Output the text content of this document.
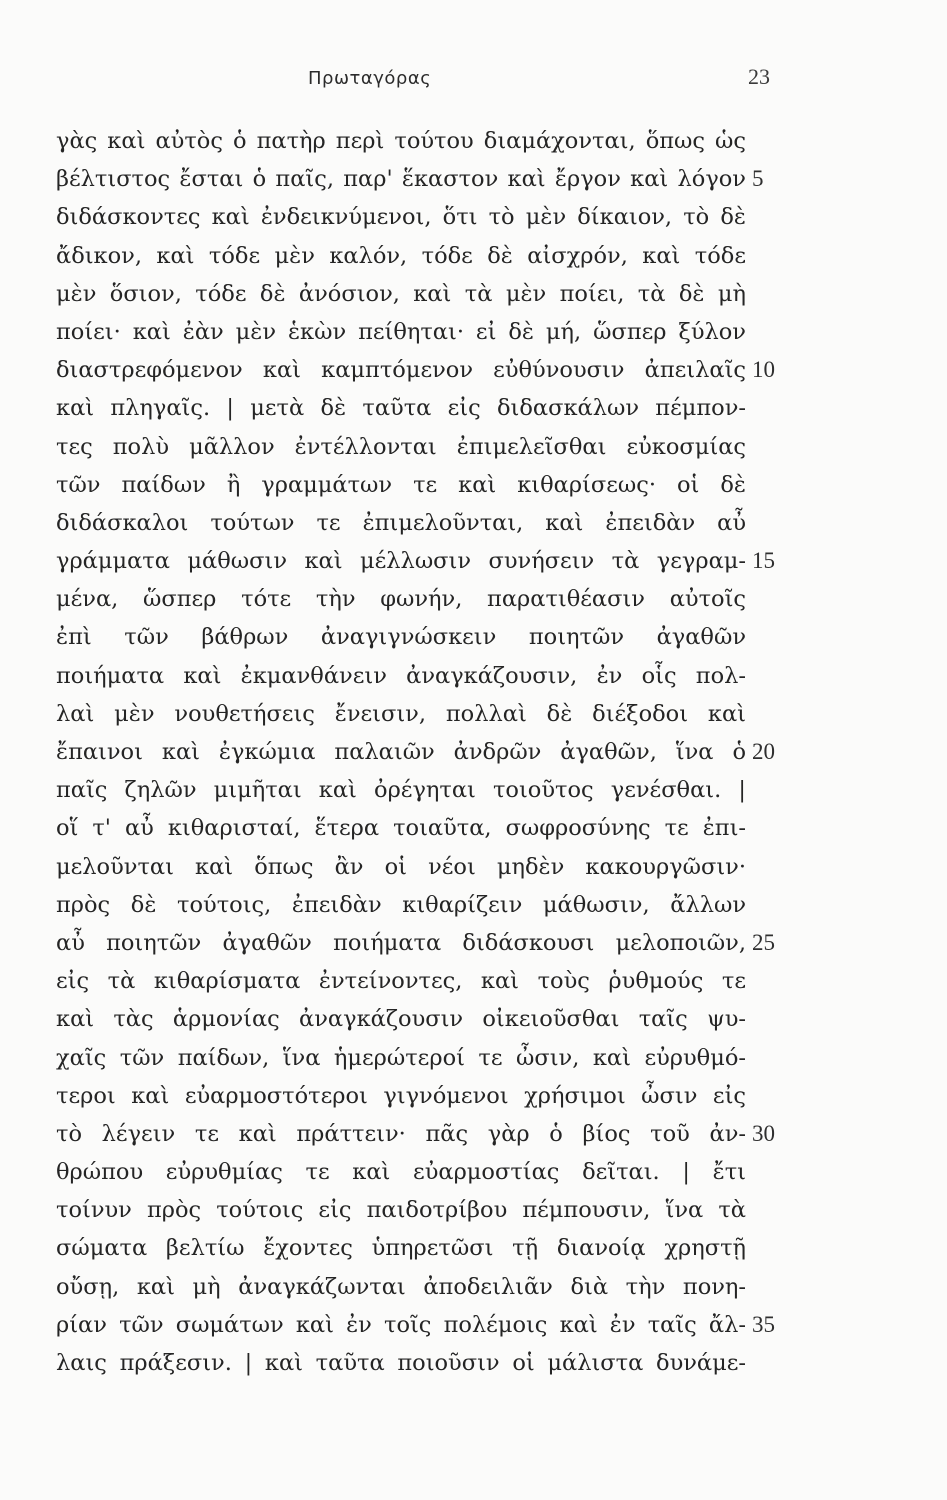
Πρωταγόρας	23
γὰς καὶ αὐτὸς ὁ πατὴρ περὶ τούτου διαμάχονται, ὅπως ὡς
βέλτιστος ἔσται ὁ παῖς, παρ' ἕκαστον καὶ ἔργον καὶ λόγον 5
διδάσκοντες καὶ ἐνδεικνύμενοι, ὅτι τὸ μὲν δίκαιον, τὸ δὲ
ἄδικον, καὶ τόδε μὲν καλόν, τόδε δὲ αἰσχρόν, καὶ τόδε
μὲν ὅσιον, τόδε δὲ ἀνόσιον, καὶ τὰ μὲν ποίει, τὰ δὲ μὴ
ποίει· καὶ ἐὰν μὲν ἑκὼν πείθηται· εἰ δὲ μή, ὥσπερ ξύλον
διαστρεφόμενον καὶ καμπτόμενον εὐθύνουσιν ἀπειλαῖς 10
καὶ πληγαῖς. | μετὰ δὲ ταῦτα εἰς διδασκάλων πέμπον-
τες πολὺ μᾶλλον ἐντέλλονται ἐπιμελεῖσθαι εὐκοσμίας
τῶν παίδων ἢ γραμμάτων τε καὶ κιθαρίσεως· οἱ δὲ
διδάσκαλοι τούτων τε ἐπιμελοῦνται, καὶ ἐπειδὰν αὖ
γράμματα μάθωσιν καὶ μέλλωσιν συνήσειν τὰ γεγραμ- 15
μένα, ὥσπερ τότε τὴν φωνήν, παρατιθέασιν αὐτοῖς
ἐπὶ τῶν βάθρων ἀναγιγνώσκειν ποιητῶν ἀγαθῶν
ποιήματα καὶ ἐκμανθάνειν ἀναγκάζουσιν, ἐν οἷς πολ-
λαὶ μὲν νουθετήσεις ἔνεισιν, πολλαὶ δὲ διέξοδοι καὶ
ἔπαινοι καὶ ἐγκώμια παλαιῶν ἀνδρῶν ἀγαθῶν, ἵνα ὁ 20
παῖς ζηλῶν μιμῆται καὶ ὀρέγηται τοιοῦτος γενέσθαι. |
οἵ τ' αὖ κιθαρισταί, ἕτερα τοιαῦτα, σωφροσύνης τε ἐπι-
μελοῦνται καὶ ὅπως ἂν οἱ νέοι μηδὲν κακουργῶσιν·
πρὸς δὲ τούτοις, ἐπειδὰν κιθαρίζειν μάθωσιν, ἄλλων
αὖ ποιητῶν ἀγαθῶν ποιήματα διδάσκουσι μελοποιῶν, 25
εἰς τὰ κιθαρίσματα ἐντείνοντες, καὶ τοὺς ῥυθμούς τε
καὶ τὰς ἁρμονίας ἀναγκάζουσιν οἰκειοῦσθαι ταῖς ψυ-
χαῖς τῶν παίδων, ἵνα ἡμερώτεροί τε ὦσιν, καὶ εὐρυθμό-
τεροι καὶ εὐαρμοστότεροι γιγνόμενοι χρήσιμοι ὦσιν εἰς
τὸ λέγειν τε καὶ πράττειν· πᾶς γὰρ ὁ βίος τοῦ ἀν- 30
θρώπου εὐρυθμίας τε καὶ εὐαρμοστίας δεῖται. | ἔτι
τοίνυν πρὸς τούτοις εἰς παιδοτρίβου πέμπουσιν, ἵνα τὰ
σώματα βελτίω ἔχοντες ὑπηρετῶσι τῇ διανοίᾳ χρηστῇ
οὔσῃ, καὶ μὴ ἀναγκάζωνται ἀποδειλιᾶν διὰ τὴν πονη-
ρίαν τῶν σωμάτων καὶ ἐν τοῖς πολέμοις καὶ ἐν ταῖς ἄλ- 35
λαις πράξεσιν. | καὶ ταῦτα ποιοῦσιν οἱ μάλιστα δυνάμε-
